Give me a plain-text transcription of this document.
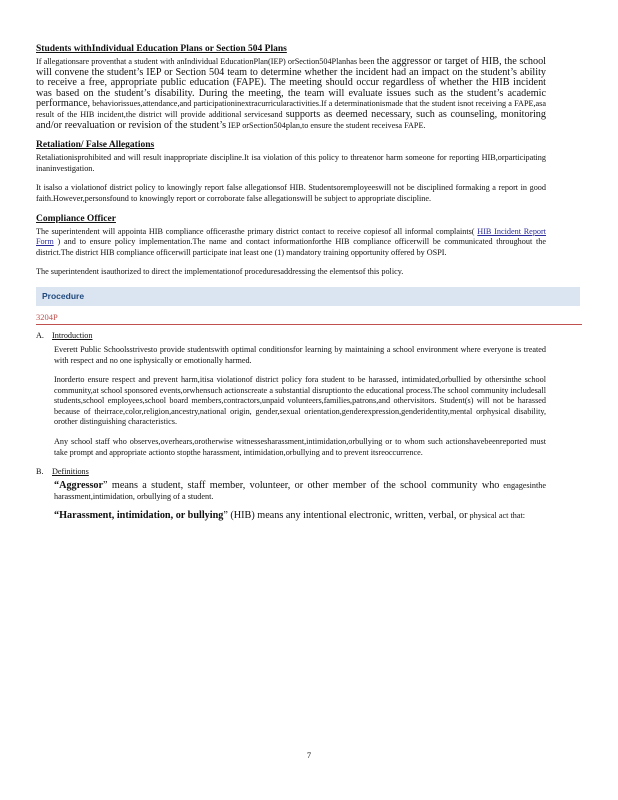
Students withIndividual Education Plans or Section 504 Plans
If allegationsare proventhat a student with anIndividual EducationPlan(IEP) orSection504Planhas been the aggressor or target of HIB, the school will convene the student’s IEP or Section 504 team to determine whether the incident had an impact on the student’s ability to receive a free, appropriate public education (FAPE). The meeting should occur regardless of whether the HIB incident was based on the student’s disability. During the meeting, the team will evaluate issues such as the student’s academic performance, behaviorissues,attendance,and participationinextracurricularactivities.If a determinationismade that the student isnot receiving a FAPE,asa result of the HIB incident,the district will provide additional servicesand supports as deemed necessary, such as counseling, monitoring and/or reevaluation or revision of the student’s IEP orSection504plan,to ensure the student receivesa FAPE.
Retaliation/ False Allegations
Retaliationisprohibited and will result inappropriate discipline.It isa violation of this policy to threatenor harm someone for reporting HIB,orparticipating inaninvestigation.
It isalso a violationof district policy to knowingly report false allegationsof HIB. Studentsoremployeeswill not be disciplined formaking a report in good faith.However,personsfound to knowingly report or corroborate false allegationswill be subject to appropriate discipline.
Compliance Officer
The superintendent will appointa HIB compliance officerasthe primary district contact to receive copiesof all informal complaints( HIB Incident Report Form ) and to ensure policy implementation.The name and contact informationforthe HIB compliance officerwill be communicated throughout the district.The district HIB compliance officerwill participate inat least one (1) mandatory training opportunity offered by OSPI.
The superintendent isauthorized to direct the implementationof proceduresaddressing the elementsof this policy.
Procedure
3204P
A. Introduction
Everett Public Schoolsstrivesto provide studentswith optimal conditionsfor learning by maintaining a school environment where everyone is treated with respect and no one isphysically or emotionally harmed.
Inorderto ensure respect and prevent harm,itisa violationof district policy fora student to be harassed, intimidated,orbullied by othersinthe school community,at school sponsored events,orwhensuch actionscreate a substantial disruptionto the educational process.The school community includesall students,school employees,school board members,contractors,unpaid volunteers,families,patrons,and othervisitors. Student(s) will not be harassed because of theirrace,color,religion,ancestry,national origin, gender,sexual orientation,genderexpression,genderidentity,mental orphysical disability, orother distinguishing characteristics.
Any school staff who observes,overhears,orotherwise witnessesharassment,intimidation,orbullying or to whom such actionshavebeenreported must take prompt and appropriate actionto stopthe harassment, intimidation,orbullying and to prevent itsreoccurrence.
B.	Definitions
“Aggressor” means a student, staff member, volunteer, or other member of the school community who engagesinthe harassment,intimidation, orbullying of a student.
“Harassment, intimidation, or bullying” (HIB) means any intentional electronic, written, verbal, or physical act that:
7
